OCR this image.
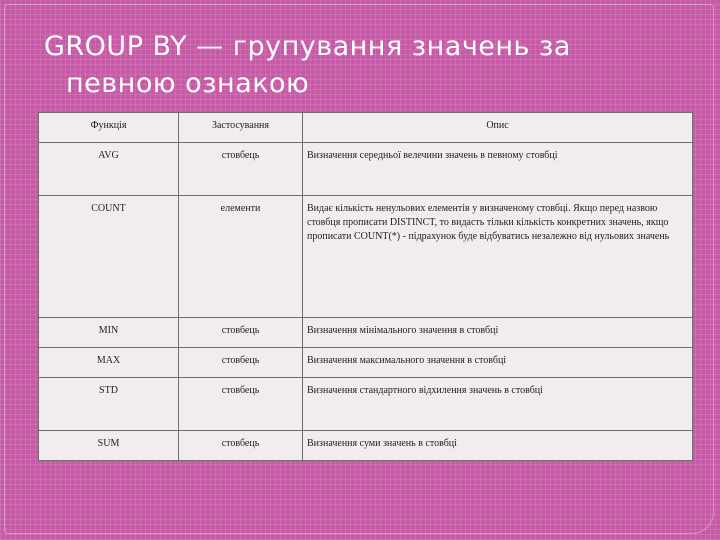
GROUP BY — групування значень за
певною ознакою
Функція	Застосування	Опис
AVG	стовбець	Визначення середньої велечини значень в певному стовбці
COUNT	елементи	Видає кількість ненульових елементів у визначеному стовбці. Якщо перед назвою стовбця прописати DISTINCT, то видасть тільки кількість конкретних значень, якщо прописати COUNT(*) - підрахунок буде відбуватись незалежно від нульових значень
MIN	стовбець	Визначення мінімального значення в стовбці
MAX	стовбець	Визначення максимального значення в стовбці
STD	стовбець	Визначення стандартного відхилення значень в стовбці
SUM	стовбець	Визначення суми значень в стовбці
